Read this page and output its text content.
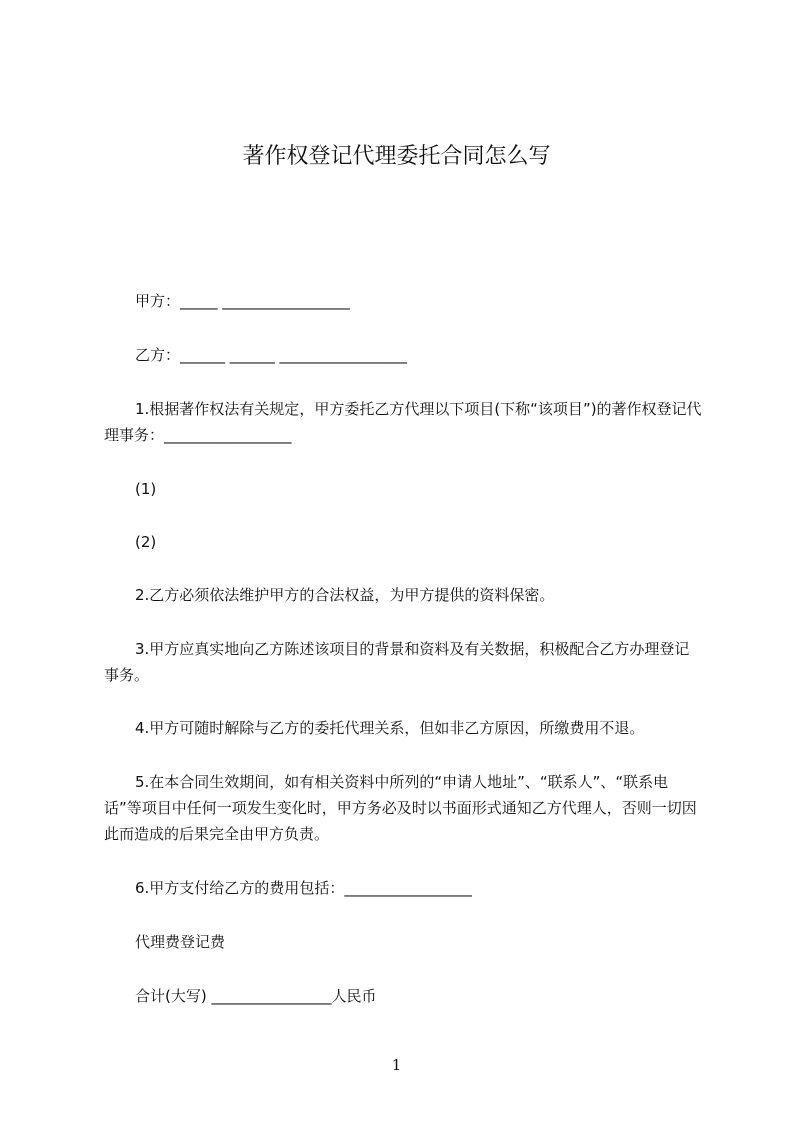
著作权登记代理委托合同怎么写
甲方：_____ _________________
乙方：______ ______ _________________
1.根据著作权法有关规定，甲方委托乙方代理以下项目(下称“该项目”)的著作权登记代理事务：_________________
(1)
(2)
2.乙方必须依法维护甲方的合法权益，为甲方提供的资料保密。
3.甲方应真实地向乙方陈述该项目的背景和资料及有关数据，积极配合乙方办理登记事务。
4.甲方可随时解除与乙方的委托代理关系，但如非乙方原因，所缴费用不退。
5.在本合同生效期间，如有相关资料中所列的“申请人地址”、“联系人”、“联系电话”等项目中任何一项发生变化时，甲方务必及时以书面形式通知乙方代理人，否则一切因此而造成的后果完全由甲方负责。
6.甲方支付给乙方的费用包括：_________________
代理费登记费
合计(大写) ________________人民币
1
